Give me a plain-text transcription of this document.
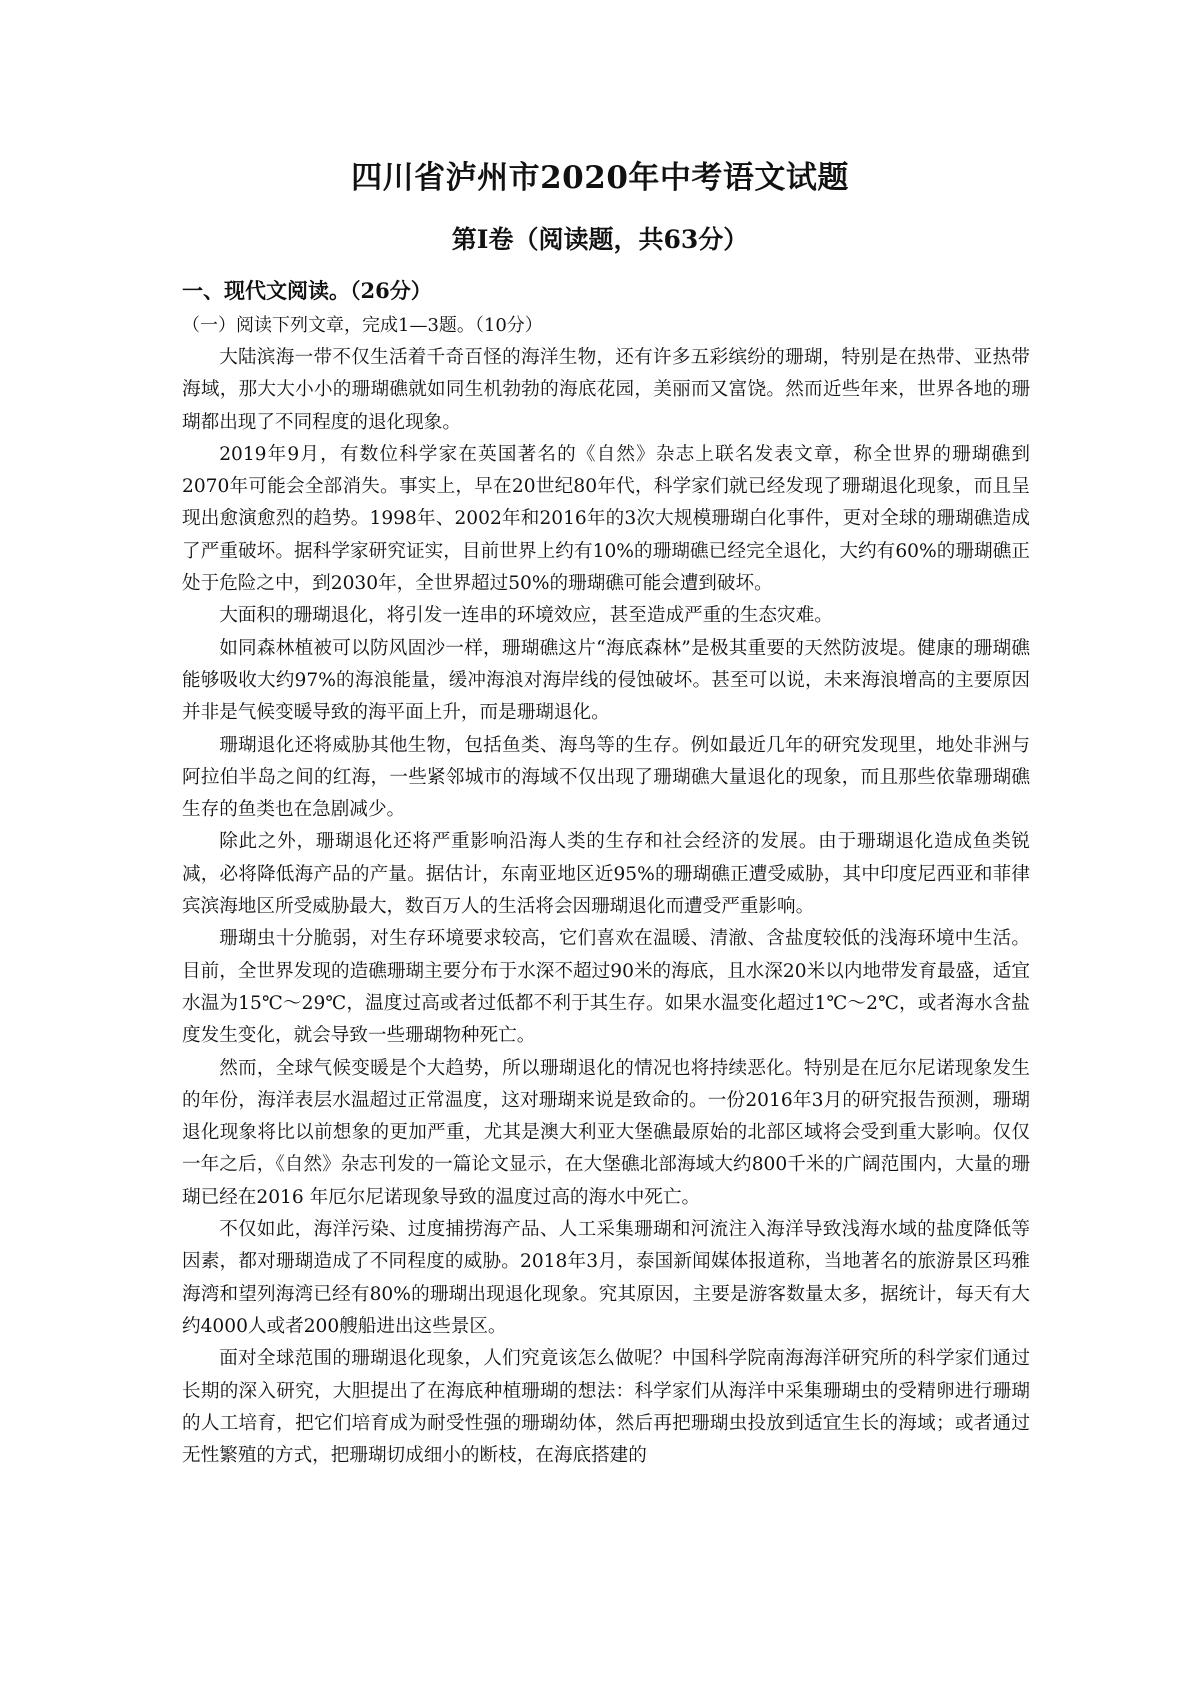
四川省泸州市2020年中考语文试题
第Ⅰ卷（阅读题，共63分）
一、现代文阅读。（26分）

（一）阅读下列文章，完成1—3题。（10分）

大陆滨海一带不仅生活着千奇百怪的海洋生物，还有许多五彩缤纷的珊瑚，特别是在热带、亚热带海域，那大大小小的珊瑚礁就如同生机勃勃的海底花园，美丽而又富饶。然而近些年来，世界各地的珊瑚都出现了不同程度的退化现象。

2019年9月，有数位科学家在英国著名的《自然》杂志上联名发表文章，称全世界的珊瑚礁到2070年可能会全部消失。事实上，早在20世纪80年代，科学家们就已经发现了珊瑚退化现象，而且呈现出愈演愈烈的趋势。1998年、2002年和2016年的3次大规模珊瑚白化事件，更对全球的珊瑚礁造成了严重破坏。据科学家研究证实，目前世界上约有10%的珊瑚礁已经完全退化，大约有60%的珊瑚礁正处于危险之中，到2030年，全世界超过50%的珊瑚礁可能会遭到破坏。

大面积的珊瑚退化，将引发一连串的环境效应，甚至造成严重的生态灾难。

如同森林植被可以防风固沙一样，珊瑚礁这片“海底森林”是极其重要的天然防波堤。健康的珊瑚礁能够吸收大约97%的海浪能量，缓冲海浪对海岸线的侵蚀破坏。甚至可以说，未来海浪增高的主要原因并非是气候变暖导致的海平面上升，而是珊瑚退化。

珊瑚退化还将威胁其他生物，包括鱼类、海鸟等的生存。例如最近几年的研究发现里，地处非洲与阿拉伯半岛之间的红海，一些紧邻城市的海域不仅出现了珊瑚礁大量退化的现象，而且那些依靠珊瑚礁生存的鱼类也在急剧减少。

除此之外，珊瑚退化还将严重影响沿海人类的生存和社会经济的发展。由于珊瑚退化造成鱼类锐减，必将降低海产品的产量。据估计，东南亚地区近95%的珊瑚礁正遭受威胁，其中印度尼西亚和菲律宾滨海地区所受威胁最大，数百万人的生活将会因珊瑚退化而遭受严重影响。

珊瑚虫十分脆弱，对生存环境要求较高，它们喜欢在温暖、清澈、含盐度较低的浅海环境中生活。目前，全世界发现的造礁珊瑚主要分布于水深不超过90米的海底，且水深20米以内地带发育最盛，适宜水温为15℃～29℃，温度过高或者过低都不利于其生存。如果水温变化超过1℃～2℃，或者海水含盐度发生变化，就会导致一些珊瑚物种死亡。

然而，全球气候变暖是个大趋势，所以珊瑚退化的情况也将持续恶化。特别是在厄尔尼诺现象发生的年份，海洋表层水温超过正常温度，这对珊瑚来说是致命的。一份2016年3月的研究报告预测，珊瑚退化现象将比以前想象的更加严重，尤其是澳大利亚大堡礁最原始的北部区域将会受到重大影响。仅仅一年之后，《自然》杂志刊发的一篇论文显示，在大堡礁北部海域大约800千米的广阔范围内，大量的珊瑚已经在2016 年厄尔尼诺现象导致的温度过高的海水中死亡。

不仅如此，海洋污染、过度捕捞海产品、人工采集珊瑚和河流注入海洋导致浅海水域的盐度降低等因素，都对珊瑚造成了不同程度的威胁。2018年3月，泰国新闻媒体报道称，当地著名的旅游景区玛雅海湾和望列海湾已经有80%的珊瑚出现退化现象。究其原因，主要是游客数量太多，据统计，每天有大约4000人或者200艘船进出这些景区。

面对全球范围的珊瑚退化现象，人们究竟该怎么做呢？中国科学院南海海洋研究所的科学家们通过长期的深入研究，大胆提出了在海底种植珊瑚的想法：科学家们从海洋中采集珊瑚虫的受精卵进行珊瑚的人工培育，把它们培育成为耐受性强的珊瑚幼体，然后再把珊瑚虫投放到适宜生长的海域；或者通过无性繁殖的方式，把珊瑚切成细小的断枝，在海底搭建的
